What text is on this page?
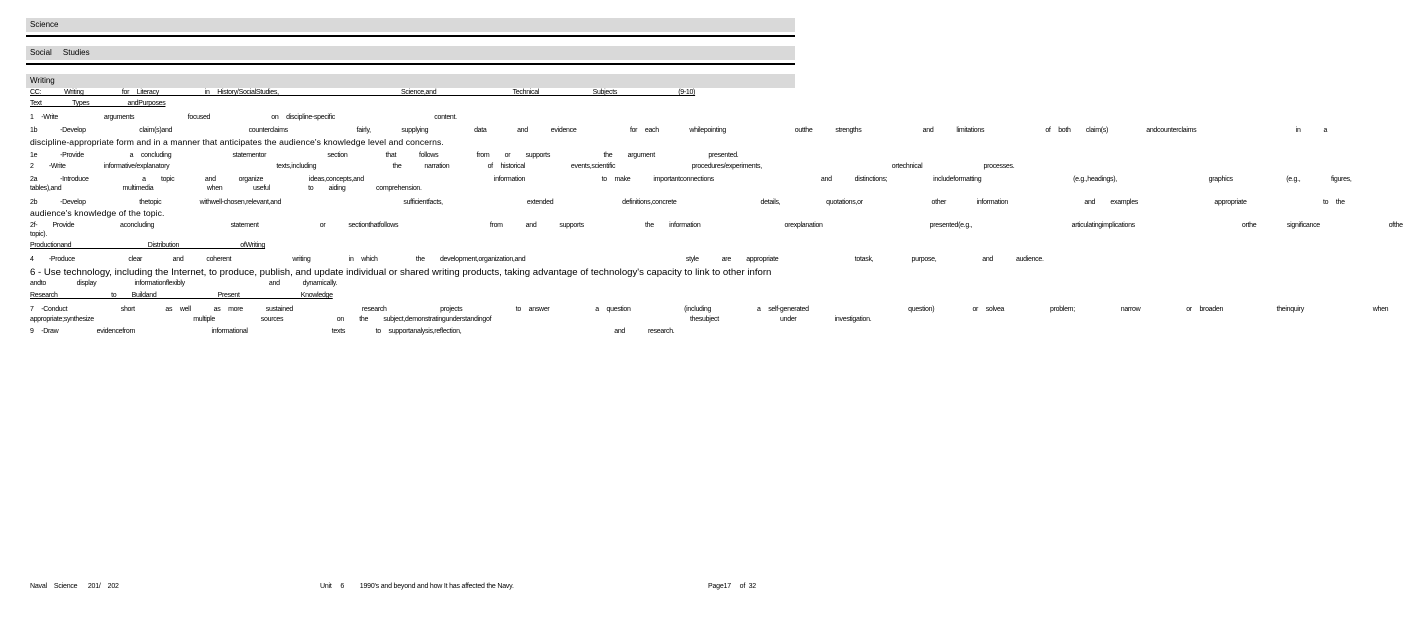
Science
Social     Studies
Writing
CC:   Writing     for Literacy      in History/SocialStudies,                Science,and          Technical       Subjects        (9-10)
Text    Types     andPurposes
1 -Write      arguments       focused        on discipline-specific             content.
1b   -Develop       claim(s)and          counterclaims         fairly,    supplying      data    and   evidence       for each    whilepointing         outthe   strengths        and   limitations        of both  claim(s)     andcounterclaims             in   a
discipline-appropriate form and in a manner that anticipates the audience's knowledge level and concerns.
1e   -Provide      a concluding        statementor        section     that   follows     from  or  supports       the  argument       presented.
2  -Write     informative/explanatory              texts,including          the   narration     of historical      events,scientific          procedures/experiments,                 ortechnical        processes.
2a   -Introduce       a  topic    and   organize      ideas,concepts,and                 information          to make   importantconnections              and   distinctions;      includeformatting            (e.g.,headings),            graphics       (e.g.,    figures,
tables),and        multimedia       when    useful     to  aiding    comprehension.
2b   -Develop       thetopic     withwell-chosen,relevant,and                sufficientfacts,           extended         definitions,concrete           details,      quotations,or         other    information          and  examples          appropriate          to the
audience's knowledge of the topic.
2f-  Provide      aconcluding          statement        or   sectionthatfollows            from   and   supports        the  information           orexplanation              presented(e.g.,             articulatingimplications              orthe    significance         ofthe
topic).
Productionand          Distribution        ofWriting
4  -Produce       clear    and   coherent        writing     in which     the  development,organization,and                     style   are  appropriate          totask,     purpose,      and   audience.
6 - Use technology, including the Internet, to produce, publish, and update individual or shared writing products, taking advantage of technology's capacity to link to other inforn
andto    display     informationflexibly           and   dynamically.
Research       to  Buildand        Present        Knowledge
7 -Conduct       short    as well   as more   sustained         research       projects       to answer      a question       (including      a self-generated             question)     or solvea      problem;      narrow      or broaden       theinquiry         when
appropriate;synthesize             multiple      sources       on  the  subject,demonstratingunderstandingof                          thesubject        under     investigation.
9 -Draw     evidencefrom          informational           texts    to supportanalysis,reflection,                    and   research.
Naval    Science      201/    202	Unit     6         1990's and beyond and how It has affected the Navy.	Page17     of  32
